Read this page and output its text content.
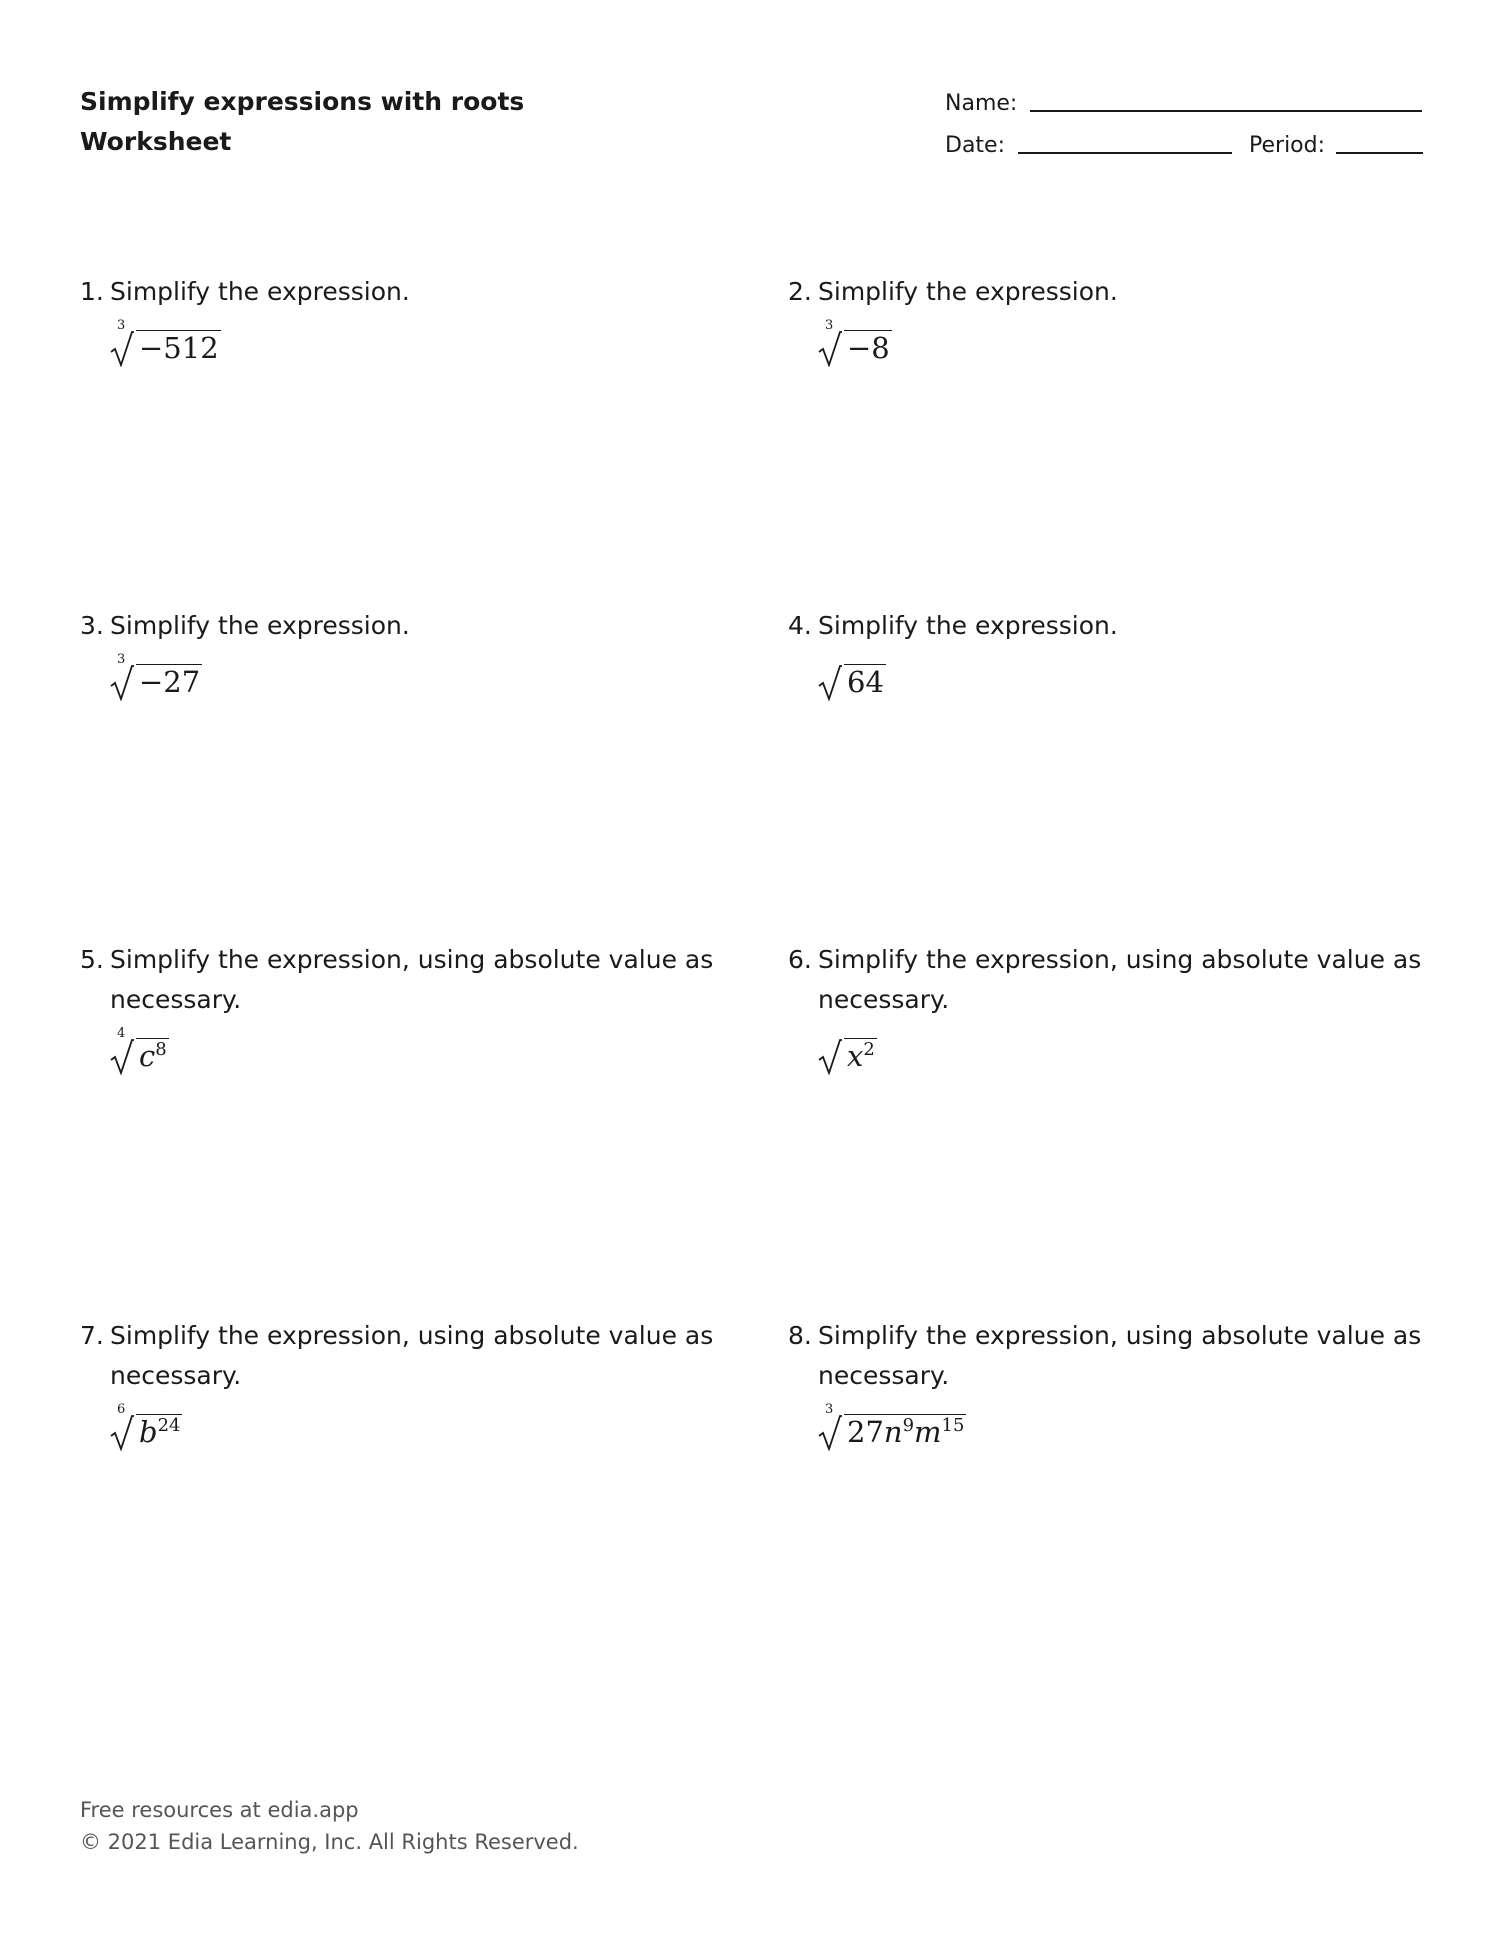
Simplify expressions with roots
Worksheet
Name:
Date:	Period:
1. Simplify the expression.
3
−512
2. Simplify the expression.
3
−8
3. Simplify the expression.
3
−27
4. Simplify the expression.
64
5. Simplify the expression, using absolute value as necessary.
4
$c^8$
6. Simplify the expression, using absolute value as necessary.
$x^2$
7. Simplify the expression, using absolute value as necessary.
6
$b^{24}$
8. Simplify the expression, using absolute value as necessary.
3
$27n^9m^{15}$
Free resources at edia.app
© 2021 Edia Learning, Inc. All Rights Reserved.
